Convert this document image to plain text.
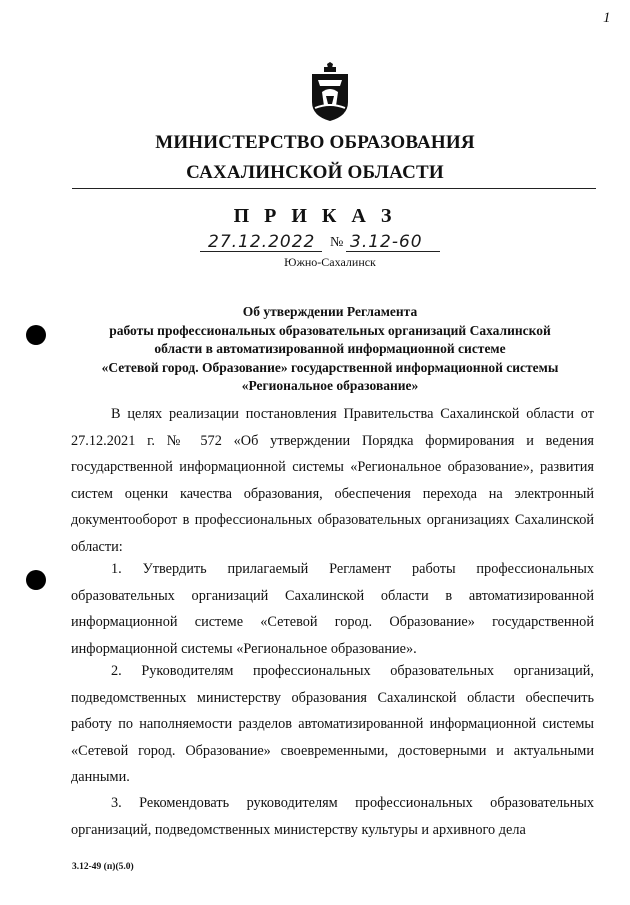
1
МИНИСТЕРСТВО ОБРАЗОВАНИЯ
САХАЛИНСКОЙ ОБЛАСТИ
П Р И К А З
27.12.2022 № 3.12-60
Южно-Сахалинск
Об утверждении Регламента
работы профессиональных образовательных организаций Сахалинской
области в автоматизированной информационной системе
«Сетевой город. Образование» государственной информационной системы
«Региональное образование»
В целях реализации постановления Правительства Сахалинской области от 27.12.2021 г. № 572 «Об утверждении Порядка формирования и ведения государственной информационной системы «Региональное образование», развития систем оценки качества образования, обеспечения перехода на электронный документооборот в профессиональных образовательных организациях Сахалинской области:
1. Утвердить прилагаемый Регламент работы профессиональных образовательных организаций Сахалинской области в автоматизированной информационной системе «Сетевой город. Образование» государственной информационной системы «Региональное образование».
2. Руководителям профессиональных образовательных организаций, подведомственных министерству образования Сахалинской области обеспечить работу по наполняемости разделов автоматизированной информационной системы «Сетевой город. Образование» своевременными, достоверными и актуальными данными.
3. Рекомендовать руководителям профессиональных образовательных организаций, подведомственных министерству культуры и архивного дела
3.12-49 (п)(5.0)
